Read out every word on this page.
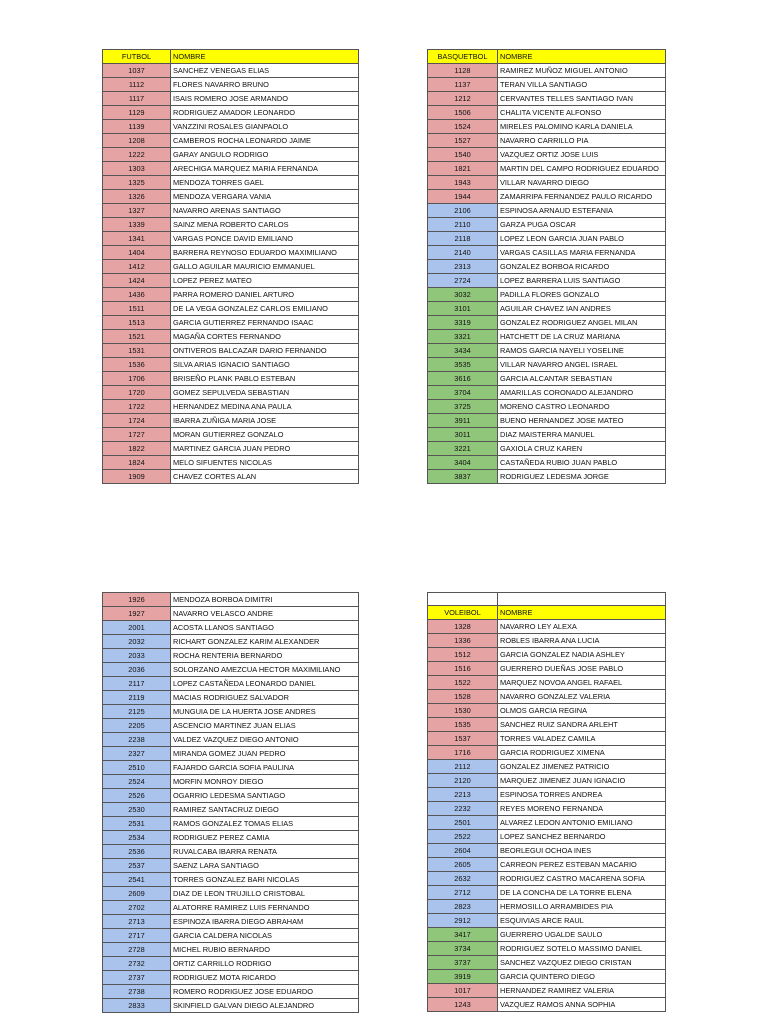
FUTBOL	NOMBRE
1037	SANCHEZ VENEGAS ELIAS
1112	FLORES NAVARRO BRUNO
1117	ISAIS ROMERO JOSE ARMANDO
1129	RODRIGUEZ AMADOR LEONARDO
1139	VANZZINI ROSALES GIANPAOLO
1208	CAMBEROS ROCHA LEONARDO JAIME
1222	GARAY ANGULO RODRIGO
1303	ARECHIGA MARQUEZ MARIA FERNANDA
1325	MENDOZA TORRES GAEL
1326	MENDOZA VERGARA VANIA
1327	NAVARRO ARENAS SANTIAGO
1339	SAINZ MENA ROBERTO CARLOS
1341	VARGAS PONCE DAVID EMILIANO
1404	BARRERA REYNOSO EDUARDO MAXIMILIANO
1412	GALLO AGUILAR MAURICIO EMMANUEL
1424	LOPEZ PEREZ MATEO
1436	PARRA ROMERO DANIEL ARTURO
1511	DE LA VEGA GONZALEZ CARLOS EMILIANO
1513	GARCIA GUTIERREZ FERNANDO ISAAC
1521	MAGAÑA CORTES FERNANDO
1531	ONTIVEROS BALCAZAR DARIO FERNANDO
1536	SILVA ARIAS IGNACIO SANTIAGO
1706	BRISEÑO PLANK PABLO ESTEBAN
1720	GOMEZ SEPULVEDA SEBASTIAN
1722	HERNANDEZ MEDINA ANA PAULA
1724	IBARRA ZUÑIGA MARIA JOSE
1727	MORAN GUTIERREZ GONZALO
1822	MARTINEZ GARCIA JUAN PEDRO
1824	MELO SIFUENTES NICOLAS
1909	CHAVEZ CORTES ALAN
BASQUETBOL	NOMBRE
1128	RAMIREZ MUÑOZ MIGUEL ANTONIO
1137	TERAN VILLA SANTIAGO
1212	CERVANTES TELLES SANTIAGO IVAN
1506	CHALITA VICENTE ALFONSO
1524	MIRELES PALOMINO KARLA DANIELA
1527	NAVARRO CARRILLO PIA
1540	VAZQUEZ ORTIZ JOSE LUIS
1821	MARTIN DEL CAMPO RODRIGUEZ EDUARDO
1943	VILLAR NAVARRO DIEGO
1944	ZAMARRIPA FERNANDEZ PAULO RICARDO
2106	ESPINOSA ARNAUD ESTEFANIA
2110	GARZA PUGA OSCAR
2118	LOPEZ LEON GARCIA JUAN PABLO
2140	VARGAS CASILLAS MARIA FERNANDA
2313	GONZALEZ BORBOA RICARDO
2724	LOPEZ BARRERA LUIS SANTIAGO
3032	PADILLA FLORES GONZALO
3101	AGUILAR CHAVEZ IAN ANDRES
3319	GONZALEZ RODRIGUEZ ANGEL MILAN
3321	HATCHETT DE LA CRUZ MARIANA
3434	RAMOS GARCIA NAYELI YOSELINE
3535	VILLAR NAVARRO ANGEL ISRAEL
3616	GARCIA ALCANTAR SEBASTIAN
3704	AMARILLAS CORONADO ALEJANDRO
3725	MORENO CASTRO LEONARDO
3911	BUENO HERNANDEZ JOSE MATEO
3011	DIAZ MAISTERRA MANUEL
3221	GAXIOLA CRUZ KAREN
3404	CASTAÑEDA RUBIO JUAN PABLO
3837	RODRIGUEZ LEDESMA JORGE
1926	MENDOZA BORBOA DIMITRI
1927	NAVARRO VELASCO ANDRE
2001	ACOSTA LLANOS SANTIAGO
2032	RICHART GONZALEZ KARIM ALEXANDER
2033	ROCHA RENTERIA BERNARDO
2036	SOLORZANO AMEZCUA HECTOR MAXIMILIANO
2117	LOPEZ CASTAÑEDA LEONARDO DANIEL
2119	MACIAS RODRIGUEZ SALVADOR
2125	MUNGUIA DE LA HUERTA JOSE ANDRES
2205	ASCENCIO MARTINEZ JUAN ELIAS
2238	VALDEZ VAZQUEZ DIEGO ANTONIO
2327	MIRANDA GOMEZ JUAN PEDRO
2510	FAJARDO GARCIA SOFIA PAULINA
2524	MORFIN MONROY DIEGO
2526	OGARRIO LEDESMA SANTIAGO
2530	RAMIREZ SANTACRUZ DIEGO
2531	RAMOS GONZALEZ TOMAS ELIAS
2534	RODRIGUEZ PEREZ CAMIA
2536	RUVALCABA IBARRA RENATA
2537	SAENZ LARA SANTIAGO
2541	TORRES GONZALEZ BARI NICOLAS
2609	DIAZ DE LEON TRUJILLO CRISTOBAL
2702	ALATORRE RAMIREZ LUIS FERNANDO
2713	ESPINOZA IBARRA DIEGO ABRAHAM
2717	GARCIA CALDERA NICOLAS
2728	MICHEL RUBIO BERNARDO
2732	ORTIZ CARRILLO RODRIGO
2737	RODRIGUEZ MOTA RICARDO
2738	ROMERO RODRIGUEZ JOSE EDUARDO
2833	SKINFIELD GALVAN DIEGO ALEJANDRO

VOLEIBOL	NOMBRE
1328	NAVARRO LEY ALEXA
1336	ROBLES IBARRA ANA LUCIA
1512	GARCIA GONZALEZ NADIA ASHLEY
1516	GUERRERO DUEÑAS JOSE PABLO
1522	MARQUEZ NOVOA ANGEL RAFAEL
1528	NAVARRO GONZALEZ VALERIA
1530	OLMOS GARCIA REGINA
1535	SANCHEZ RUIZ SANDRA ARLEHT
1537	TORRES VALADEZ CAMILA
1716	GARCIA RODRIGUEZ XIMENA
2112	GONZALEZ JIMENEZ PATRICIO
2120	MARQUEZ JIMENEZ JUAN IGNACIO
2213	ESPINOSA TORRES ANDREA
2232	REYES MORENO FERNANDA
2501	ALVAREZ LEDON ANTONIO EMILIANO
2522	LOPEZ SANCHEZ BERNARDO
2604	BEORLEGUI OCHOA INES
2605	CARREON PEREZ ESTEBAN MACARIO
2632	RODRIGUEZ CASTRO MACARENA SOFIA
2712	DE LA CONCHA DE LA TORRE ELENA
2823	HERMOSILLO ARRAMBIDES PIA
2912	ESQUIVIAS ARCE RAUL
3417	GUERRERO UGALDE SAULO
3734	RODRIGUEZ SOTELO MASSIMO DANIEL
3737	SANCHEZ VAZQUEZ DIEGO CRISTAN
3919	GARCIA QUINTERO DIEGO
1017	HERNANDEZ RAMIREZ VALERIA
1243	VAZQUEZ RAMOS ANNA SOPHIA
